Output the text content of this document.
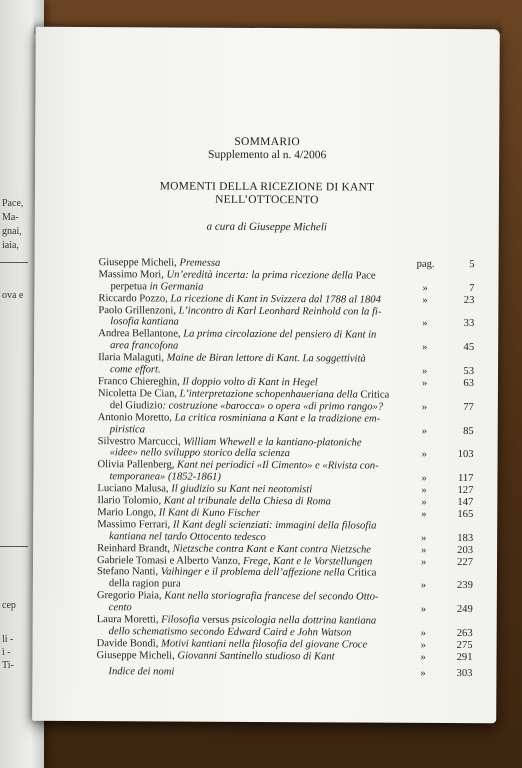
Pace,
Ma-
gnai,
iaia,
ova e
cep
li -
ì -
Ti-
SOMMARIO
Supplemento al n. 4/2006
MOMENTI DELLA RICEZIONE DI KANT
NELL’OTTOCENTO
a cura di Giuseppe Micheli
Giuseppe Micheli, Premessa	pag.	5
Massimo Mori, Un’eredità incerta: la prima ricezione della Pace
perpetua in Germania	»	7
Riccardo Pozzo, La ricezione di Kant in Svizzera dal 1788 al 1804	»	23
Paolo Grillenzoni, L’incontro di Karl Leonhard Reinhold con la fi-
losofia kantiana	»	33
Andrea Bellantone, La prima circolazione del pensiero di Kant in
area francofona	»	45
Ilaria Malaguti, Maine de Biran lettore di Kant. La soggettività
come effort.	»	53
Franco Chiereghin, Il doppio volto di Kant in Hegel	»	63
Nicoletta De Cian, L’interpretazione schopenhaueriana della Critica
del Giudizio: costruzione «barocca» o opera «di primo rango»?	»	77
Antonio Moretto, La critica rosminiana a Kant e la tradizione em-
piristica	»	85
Silvestro Marcucci, William Whewell e la kantiano-platoniche
«idee» nello sviluppo storico della scienza	»	103
Olivia Pallenberg, Kant nei periodici «Il Cimento» e «Rivista con-
temporanea» (1852-1861)	»	117
Luciano Malusa, Il giudizio su Kant nei neotomisti	»	127
Ilario Tolomio, Kant al tribunale della Chiesa di Roma	»	147
Mario Longo, Il Kant di Kuno Fischer	»	165
Massimo Ferrari, Il Kant degli scienziati: immagini della filosofia
kantiana nel tardo Ottocento tedesco	»	183
Reinhard Brandt, Nietzsche contra Kant e Kant contra Nietzsche	»	203
Gabriele Tomasi e Alberto Vanzo, Frege, Kant e le Vorstellungen	»	227
Stefano Nanti, Vaihinger e il problema dell’affezione nella Critica
della ragion pura	»	239
Gregorio Piaia, Kant nella storiografia francese del secondo Otto-
cento	»	249
Laura Moretti, Filosofia versus psicologia nella dottrina kantiana
dello schematismo secondo Edward Caird e John Watson	»	263
Davide Bondì, Motivi kantiani nella filosofia del giovane Croce	»	275
Giuseppe Micheli, Giovanni Santinello studioso di Kant	»	291
Indice dei nomi	»	303
